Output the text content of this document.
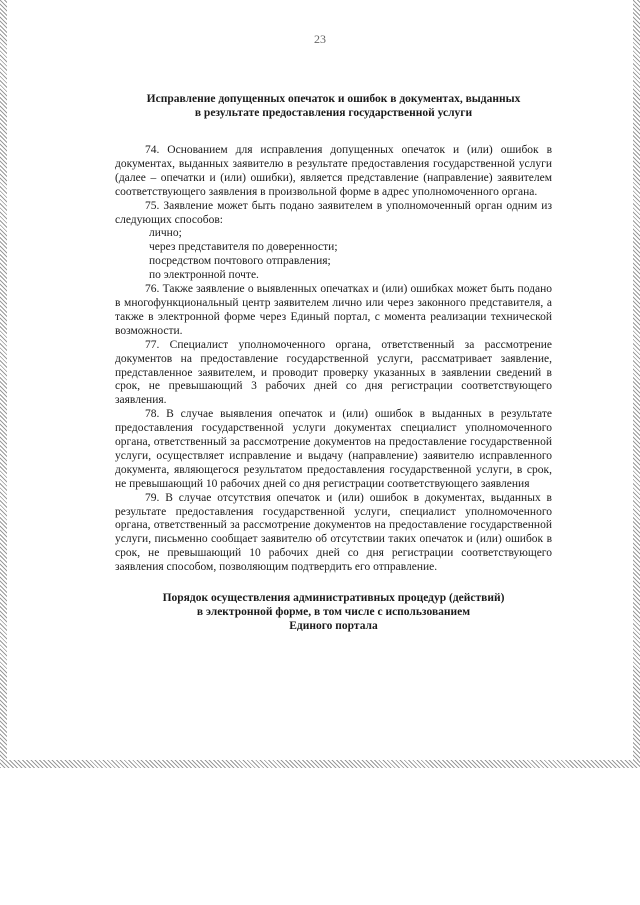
23
Исправление допущенных опечаток и ошибок в документах, выданных
в результате предоставления государственной услуги

74. Основанием для исправления допущенных опечаток и (или) ошибок в документах, выданных заявителю в результате предоставления государственной услуги (далее – опечатки и (или) ошибки), является представление (направление) заявителем соответствующего заявления в произвольной форме в адрес уполномоченного органа.

75. Заявление может быть подано заявителем в уполномоченный орган одним из следующих способов:

лично;
через представителя по доверенности;
посредством почтового отправления;
по электронной почте.

76. Также заявление о выявленных опечатках и (или) ошибках может быть подано в многофункциональный центр заявителем лично или через законного представителя, а также в электронной форме через Единый портал, с момента реализации технической возможности.

77. Специалист уполномоченного органа, ответственный за рассмотрение документов на предоставление государственной услуги, рассматривает заявление, представленное заявителем, и проводит проверку указанных в заявлении сведений в срок, не превышающий 3 рабочих дней со дня регистрации соответствующего заявления.

78. В случае выявления опечаток и (или) ошибок в выданных в результате предоставления государственной услуги документах специалист уполномоченного органа, ответственный за рассмотрение документов на предоставление государственной услуги, осуществляет исправление и выдачу (направление) заявителю исправленного документа, являющегося результатом предоставления государственной услуги, в срок, не превышающий 10 рабочих дней со дня регистрации соответствующего заявления

79. В случае отсутствия опечаток и (или) ошибок в документах, выданных в результате предоставления государственной услуги, специалист уполномоченного органа, ответственный за рассмотрение документов на предоставление государственной услуги, письменно сообщает заявителю об отсутствии таких опечаток и (или) ошибок в срок, не превышающий 10 рабочих дней со дня регистрации соответствующего заявления способом, позволяющим подтвердить его отправление.

Порядок осуществления административных процедур (действий)
в электронной форме, в том числе с использованием
Единого портала
